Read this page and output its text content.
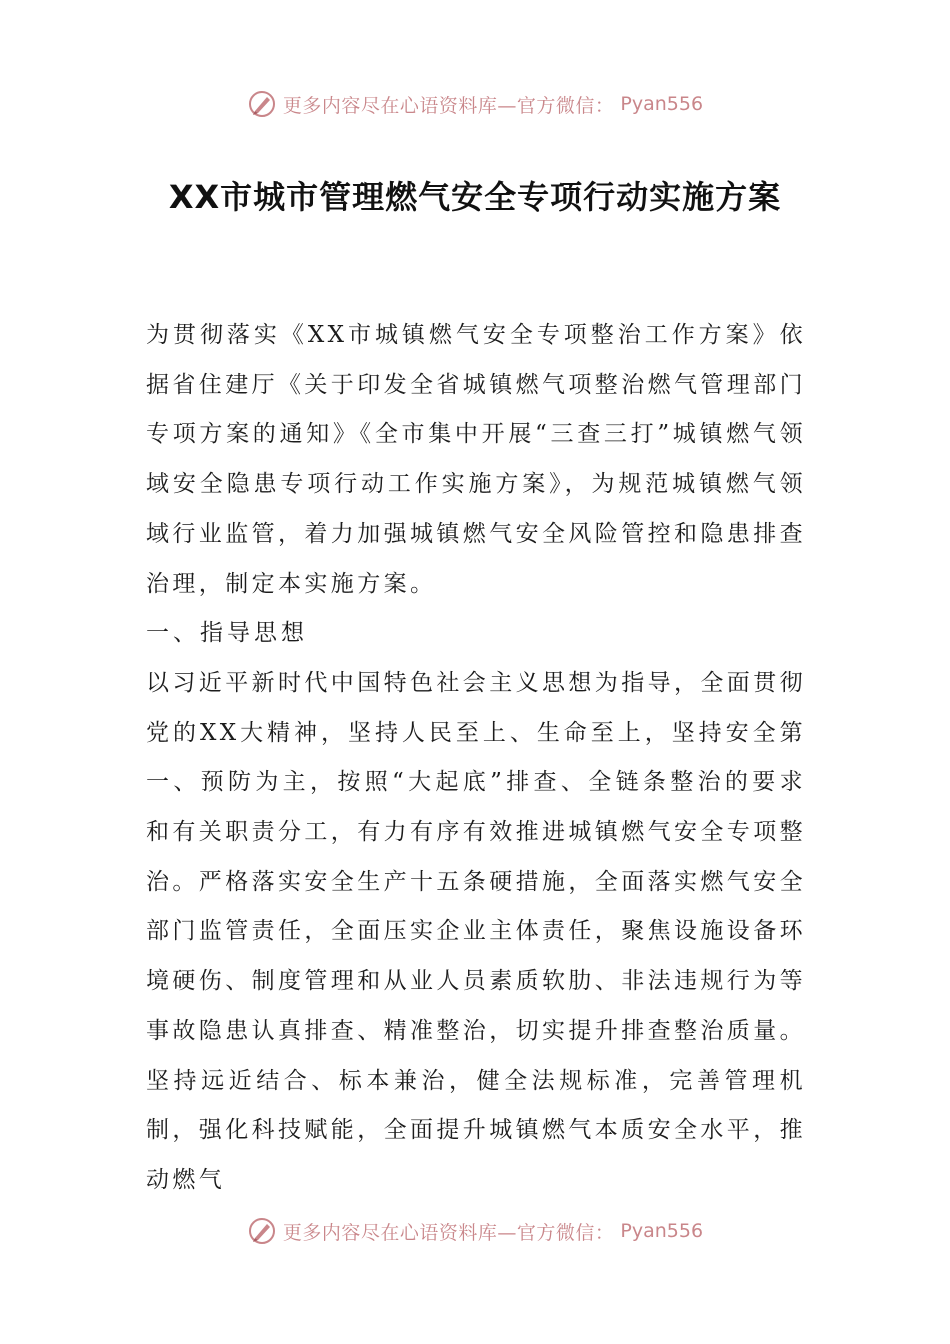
更多内容尽在心语资料库—官方微信： Pyan556
XX市城市管理燃气安全专项行动实施方案

为贯彻落实《XX市城镇燃气安全专项整治工作方案》依据省住建厅《关于印发全省城镇燃气项整治燃气管理部门专项方案的通知》《全市集中开展“三查三打”城镇燃气领域安全隐患专项行动工作实施方案》，为规范城镇燃气领域行业监管，着力加强城镇燃气安全风险管控和隐患排查治理，制定本实施方案。

一、指导思想

以习近平新时代中国特色社会主义思想为指导，全面贯彻党的XX大精神，坚持人民至上、生命至上，坚持安全第一、预防为主，按照“大起底”排查、全链条整治的要求和有关职责分工，有力有序有效推进城镇燃气安全专项整治。严格落实安全生产十五条硬措施，全面落实燃气安全部门监管责任，全面压实企业主体责任，聚焦设施设备环境硬伤、制度管理和从业人员素质软肋、非法违规行为等事故隐患认真排查、精准整治，切实提升排查整治质量。坚持远近结合、标本兼治，健全法规标准，完善管理机制，强化科技赋能，全面提升城镇燃气本质安全水平，推动燃气

更多内容尽在心语资料库—官方微信： Pyan556
